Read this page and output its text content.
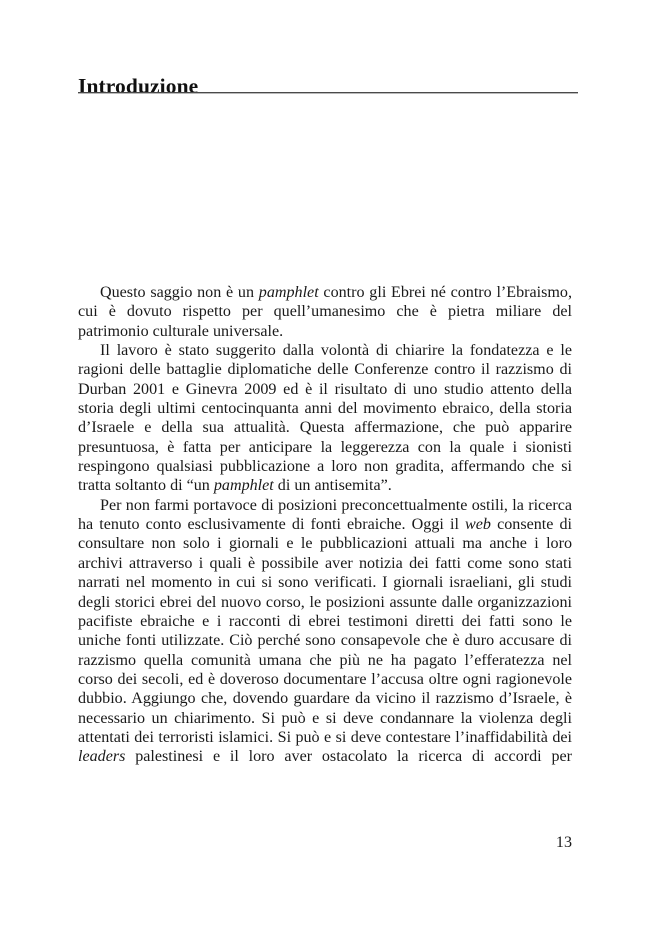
Introduzione

Questo saggio non è un pamphlet contro gli Ebrei né contro l’Ebraismo, cui è dovuto rispetto per quell’umanesimo che è pietra miliare del patrimonio culturale universale.

Il lavoro è stato suggerito dalla volontà di chiarire la fondatezza e le ragioni delle battaglie diplomatiche delle Conferenze contro il razzismo di Durban 2001 e Ginevra 2009 ed è il risultato di uno studio attento della storia degli ultimi centocinquanta anni del movimento ebraico, della storia d’Israele e della sua attualità. Questa affermazione, che può apparire presuntuosa, è fatta per anticipare la leggerezza con la quale i sionisti respingono qualsiasi pubblicazione a loro non gradita, affermando che si tratta soltanto di “un pamphlet di un antisemita”.

Per non farmi portavoce di posizioni preconcettualmente ostili, la ricerca ha tenuto conto esclusivamente di fonti ebraiche. Oggi il web consente di consultare non solo i giornali e le pubblicazioni attuali ma anche i loro archivi attraverso i quali è possibile aver notizia dei fatti come sono stati narrati nel momento in cui si sono verificati. I giornali israeliani, gli studi degli storici ebrei del nuovo corso, le posizioni assunte dalle organizzazioni pacifiste ebraiche e i racconti di ebrei testimoni diretti dei fatti sono le uniche fonti utilizzate. Ciò perché sono consapevole che è duro accusare di razzismo quella comunità umana che più ne ha pagato l’efferatezza nel corso dei secoli, ed è doveroso documentare l’accusa oltre ogni ragionevole dubbio. Aggiungo che, dovendo guardare da vicino il razzismo d’Israele, è necessario un chiarimento. Si può e si deve condannare la violenza degli attentati dei terroristi islamici. Si può e si deve contestare l’inaffidabilità dei leaders palestinesi e il loro aver ostacolato la ricerca di accordi per

13
